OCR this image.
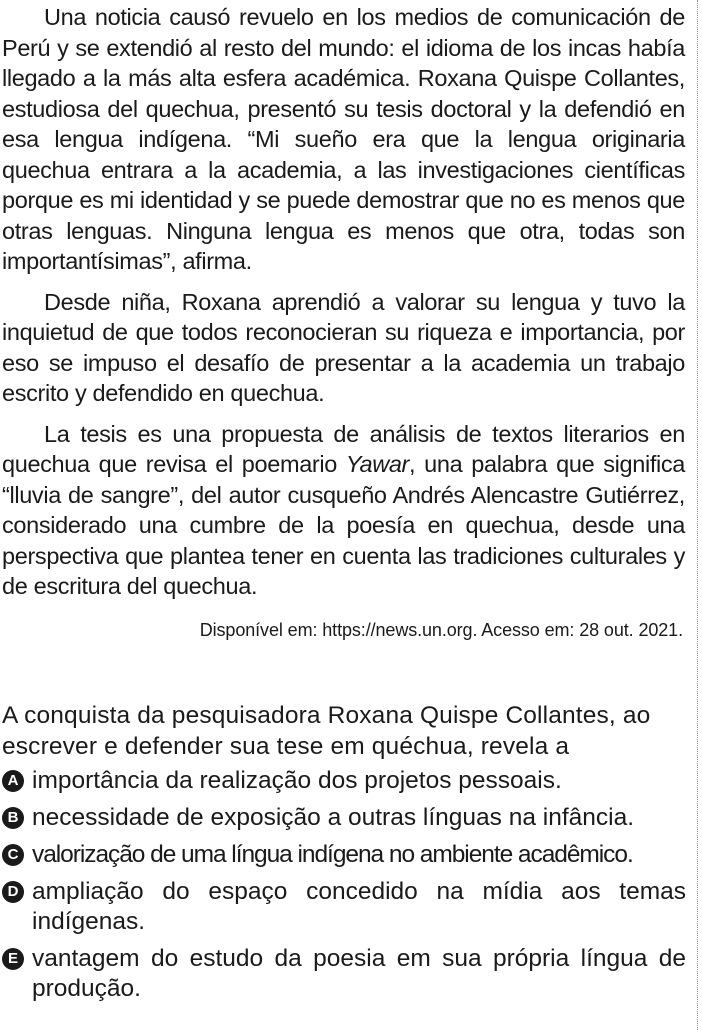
Una noticia causó revuelo en los medios de comunicación de Perú y se extendió al resto del mundo: el idioma de los incas había llegado a la más alta esfera académica. Roxana Quispe Collantes, estudiosa del quechua, presentó su tesis doctoral y la defendió en esa lengua indígena. “Mi sueño era que la lengua originaria quechua entrara a la academia, a las investigaciones científicas porque es mi identidad y se puede demostrar que no es menos que otras lenguas. Ninguna lengua es menos que otra, todas son importantísimas”, afirma.

Desde niña, Roxana aprendió a valorar su lengua y tuvo la inquietud de que todos reconocieran su riqueza e importancia, por eso se impuso el desafío de presentar a la academia un trabajo escrito y defendido en quechua.

La tesis es una propuesta de análisis de textos literarios en quechua que revisa el poemario Yawar, una palabra que significa “lluvia de sangre”, del autor cusqueño Andrés Alencastre Gutiérrez, considerado una cumbre de la poesía en quechua, desde una perspectiva que plantea tener en cuenta las tradiciones culturales y de escritura del quechua.

Disponível em: https://news.un.org. Acesso em: 28 out. 2021.
A conquista da pesquisadora Roxana Quispe Collantes, ao escrever e defender sua tese em quéchua, revela a
A importância da realização dos projetos pessoais.
B necessidade de exposição a outras línguas na infância.
C valorização de uma língua indígena no ambiente acadêmico.
D ampliação do espaço concedido na mídia aos temas indígenas.
E vantagem do estudo da poesia em sua própria língua de produção.
